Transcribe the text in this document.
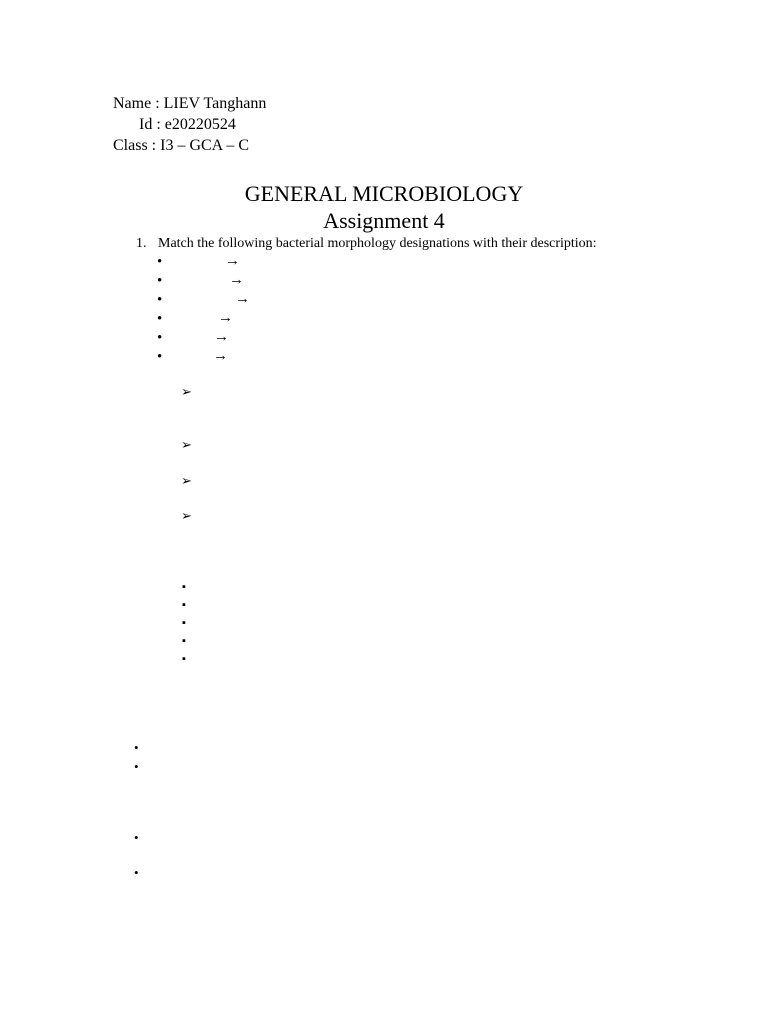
Name : LIEV Tanghann
Id : e20220524
Class : I3 – GCA – C
GENERAL MICROBIOLOGY
Assignment 4
1. Match the following bacterial morphology designations with their description:
•	→
•	→
•	→
•	→
•	→
•	→
➢
➢
➢
➢
▪
▪
▪
▪
▪
•
•
•
•
